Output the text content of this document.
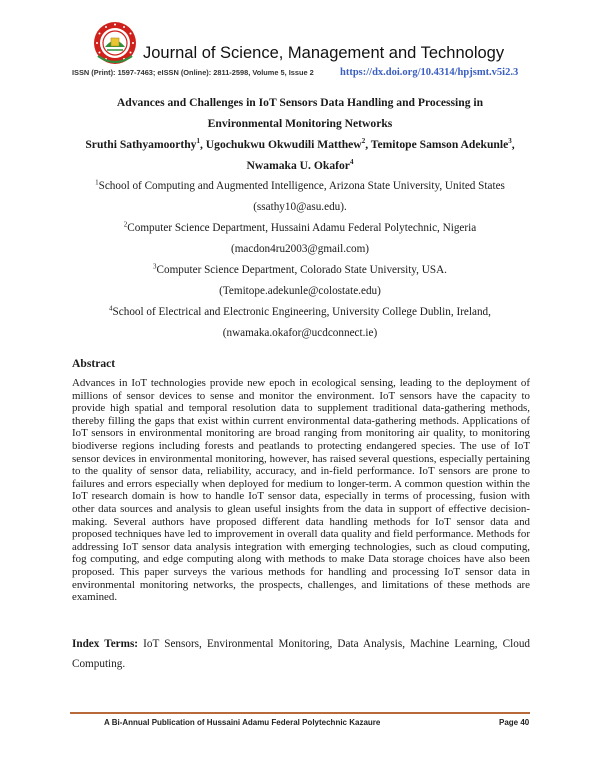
Journal of Science, Management and Technology
ISSN (Print): 1597-7463; eISSN (Online): 2811-2598, Volume 5, Issue 2 https://dx.doi.org/10.4314/hpjsmt.v5i2.3
Advances and Challenges in IoT Sensors Data Handling and Processing in
Environmental Monitoring Networks
Sruthi Sathyamoorthy$^1$, Ugochukwu Okwudili Matthew$^2$, Temitope Samson Adekunle$^3$,
Nwamaka U. Okafor$^4$
$^1$School of Computing and Augmented Intelligence, Arizona State University, United States
(ssathy10@asu.edu).
$^2$Computer Science Department, Hussaini Adamu Federal Polytechnic, Nigeria
(macdon4ru2003@gmail.com)
$^3$Computer Science Department, Colorado State University, USA.
(Temitope.adekunle@colostate.edu)
$^4$School of Electrical and Electronic Engineering, University College Dublin, Ireland,
(nwamaka.okafor@ucdconnect.ie)
Abstract
Advances in IoT technologies provide new epoch in ecological sensing, leading to the deployment of millions of sensor devices to sense and monitor the environment. IoT sensors have the capacity to provide high spatial and temporal resolution data to supplement traditional data-gathering methods, thereby filling the gaps that exist within current environmental data-gathering methods. Applications of IoT sensors in environmental monitoring are broad ranging from monitoring air quality, to monitoring biodiverse regions including forests and peatlands to protecting endangered species. The use of IoT sensor devices in environmental monitoring, however, has raised several questions, especially pertaining to the quality of sensor data, reliability, accuracy, and in-field performance. IoT sensors are prone to failures and errors especially when deployed for medium to longer-term. A common question within the IoT research domain is how to handle IoT sensor data, especially in terms of processing, fusion with other data sources and analysis to glean useful insights from the data in support of effective decision-making. Several authors have proposed different data handling methods for IoT sensor data and proposed techniques have led to improvement in overall data quality and field performance. Methods for addressing IoT sensor data analysis integration with emerging technologies, such as cloud computing, fog computing, and edge computing along with methods to make Data storage choices have also been proposed. This paper surveys the various methods for handling and processing IoT sensor data in environmental monitoring networks, the prospects, challenges, and limitations of these methods are examined.
Index Terms: IoT Sensors, Environmental Monitoring, Data Analysis, Machine Learning, Cloud Computing.
A Bi-Annual Publication of Hussaini Adamu Federal Polytechnic Kazaure	Page 40
